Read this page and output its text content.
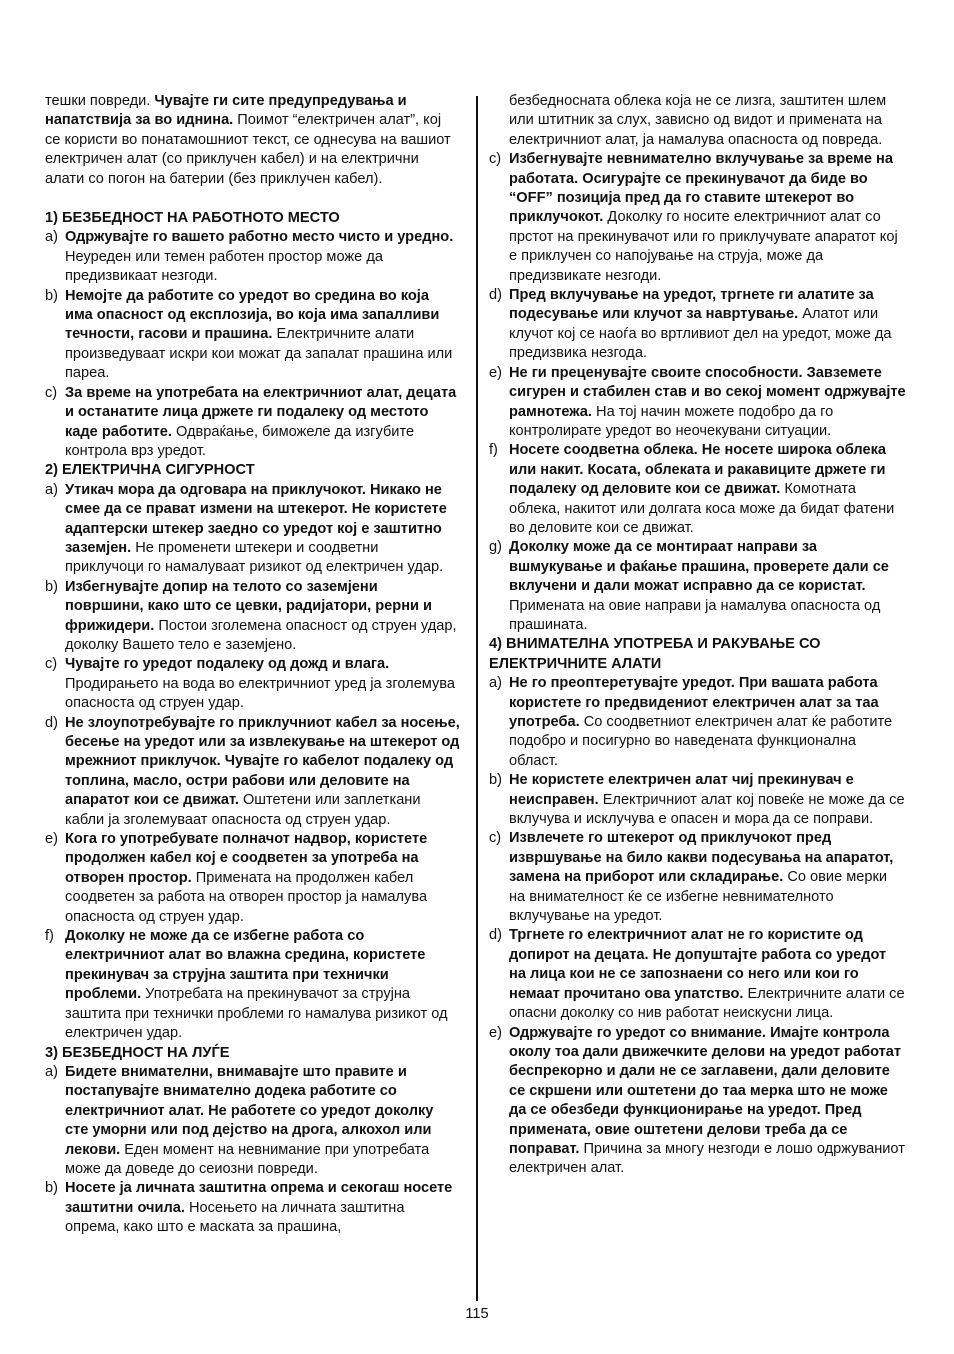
тешки повреди. Чувајте ги сите предупредувања и напатствија за во иднина. Поимот “електричен алат”, кој се користи во понатамошниот текст, се однесува на вашиот електричен алат (со приклучен кабел) и на електрични алати со погон на батерии (без приклучен кабел).

1) БЕЗБЕДНОСТ НА РАБОТНОТО МЕСТО

a) Одржувајте го вашето работно место чисто и уредно. Неуреден или темен работен простор може да предизвикаат незгоди.
b) Немојте да работите со уредот во средина во која има опасност од експлозија, во која има запалливи течности, гасови и прашина. Електричните алати произведуваат искри кои можат да запалат прашина или пареа.
c) За време на употребата на електричниот алат, децата и останатите лица држете ги подалеку од местото каде работите. Одвраќање, биможеле да изгубите контрола врз уредот.

2) ЕЛЕКТРИЧНА СИГУРНОСТ

a) Утикач мора да одговара на приклучокот. Никако не смее да се прават измени на штекерот. Не користете адаптерски штекер заедно со уредот кој е заштитно заземјен. Не променети штекери и соодветни приклучоци го намалуваат ризикот од електричен удар.
b) Избегнувајте допир на телото со заземјени површини, како што се цевки, радијатори, рерни и фрижидери. Постои зголемена опасност од струен удар, доколку Вашето тело е заземјено.
c) Чувајте го уредот подалеку од дожд и влага. Продирањето на вода во електричниот уред ја зголемува опасноста од струен удар.
d) Не злоупотребувајте го приклучниот кабел за носење, бесење на уредот или за извлекување на штекерот од мрежниот приклучок. Чувајте го кабелот подалеку од топлина, масло, остри рабови или деловите на апаратот кои се движат. Оштетени или заплеткани кабли ја зголемуваат опасноста од струен удар.
e) Кога го употребувате полначот надвор, користете продолжен кабел кој е соодветен за употреба на отворен простор. Примената на продолжен кабел соодветен за работа на отворен простор ја намалува опасноста од струен удар.
f) Доколку не може да се избегне работа со електричниот алат во влажна средина, користете прекинувач за струјна заштита при технички проблеми. Употребата на прекинувачот за струјна заштита при технички проблеми го намалува ризикот од електричен удар.

3) БЕЗБЕДНОСТ НА ЛУЃЕ

a) Бидете внимателни, внимавајте што правите и постапувајте внимателно додека работите со електричниот алат. Не работете со уредот доколку сте уморни или под дејство на дрога, алкохол или лекови. Еден момент на невнимание при употребата може да доведе до сеиозни повреди.
b) Носете ја личната заштитна опрема и секогаш носете заштитни очила. Носењето на личната заштитна опрема, како што е маската за прашина,
безбедносната облека која не се лизга, заштитен шлем или штитник за слух, зависно од видот и примената на електричниот алат, ја намалува опасноста од повреда.
c) Избегнувајте невнимателно вклучување за време на работата. Осигурајте се прекинувачот да биде во “OFF” позиција пред да го ставите штекерот во приклучокот. Доколку го носите електричниот алат со прстот на прекинувачот или го приклучувате апаратот кој е приклучен со напојување на струја, може да предизвикате незгоди.
d) Пред вклучување на уредот, тргнете ги алатите за подесување или клучот за навртување. Алатот или клучот кој се наоѓа во вртливиот дел на уредот, може да предизвика незгода.
e) Не ги преценувајте своите способности. Завземете сигурен и стабилен став и во секој момент одржувајте рамнотежа. На тој начин можете подобро да го контролирате уредот во неочекувани ситуации.
f) Носете соодветна облека. Не носете широка облека или накит. Косата, облеката и ракавиците држете ги подалеку од деловите кои се движат. Комотната облека, накитот или долгата коса може да бидат фатени во деловите кои се движат.
g) Доколку може да се монтираат направи за вшмукување и фаќање прашина, проверете дали се вклучени и дали можат исправно да се користат. Примената на овие направи ја намалува опасноста од прашината.

4) ВНИМАТЕЛНА УПОТРЕБА И РАКУВАЊЕ СО ЕЛЕКТРИЧНИТЕ АЛАТИ

a) Не го преоптеретувајте уредот. При вашата работа користете го предвидениот електричен алат за таа употреба. Со соодветниот електричен алат ќе работите подобро и посигурно во наведената функционална област.
b) Не користете електричен алат чиј прекинувач е неисправен. Електричниот алат кој повеќе не може да се вклучува и исклучува е опасен и мора да се поправи.
c) Извлечете го штекерот од приклучокот пред извршување на било какви подесувања на апаратот, замена на приборот или складирање. Со овие мерки на внимателност ќе се избегне невнимателното вклучување на уредот.
d) Тргнете го електричниот алат не го користите од допирот на децата. Не допуштајте работа со уредот на лица кои не се запознаени со него или кои го немаат прочитано ова упатство. Електричните алати се опасни доколку со нив работат неискусни лица.
e) Одржувајте го уредот со внимание. Имајте контрола околу тоа дали движечките делови на уредот работат беспрекорно и дали не се заглавени, дали деловите се скршени или оштетени до таа мерка што не може да се обезбеди функционирање на уредот. Пред примената, овие оштетени делови треба да се поправат. Причина за многу незгоди е лошо одржуваниот електричен алат.
115
